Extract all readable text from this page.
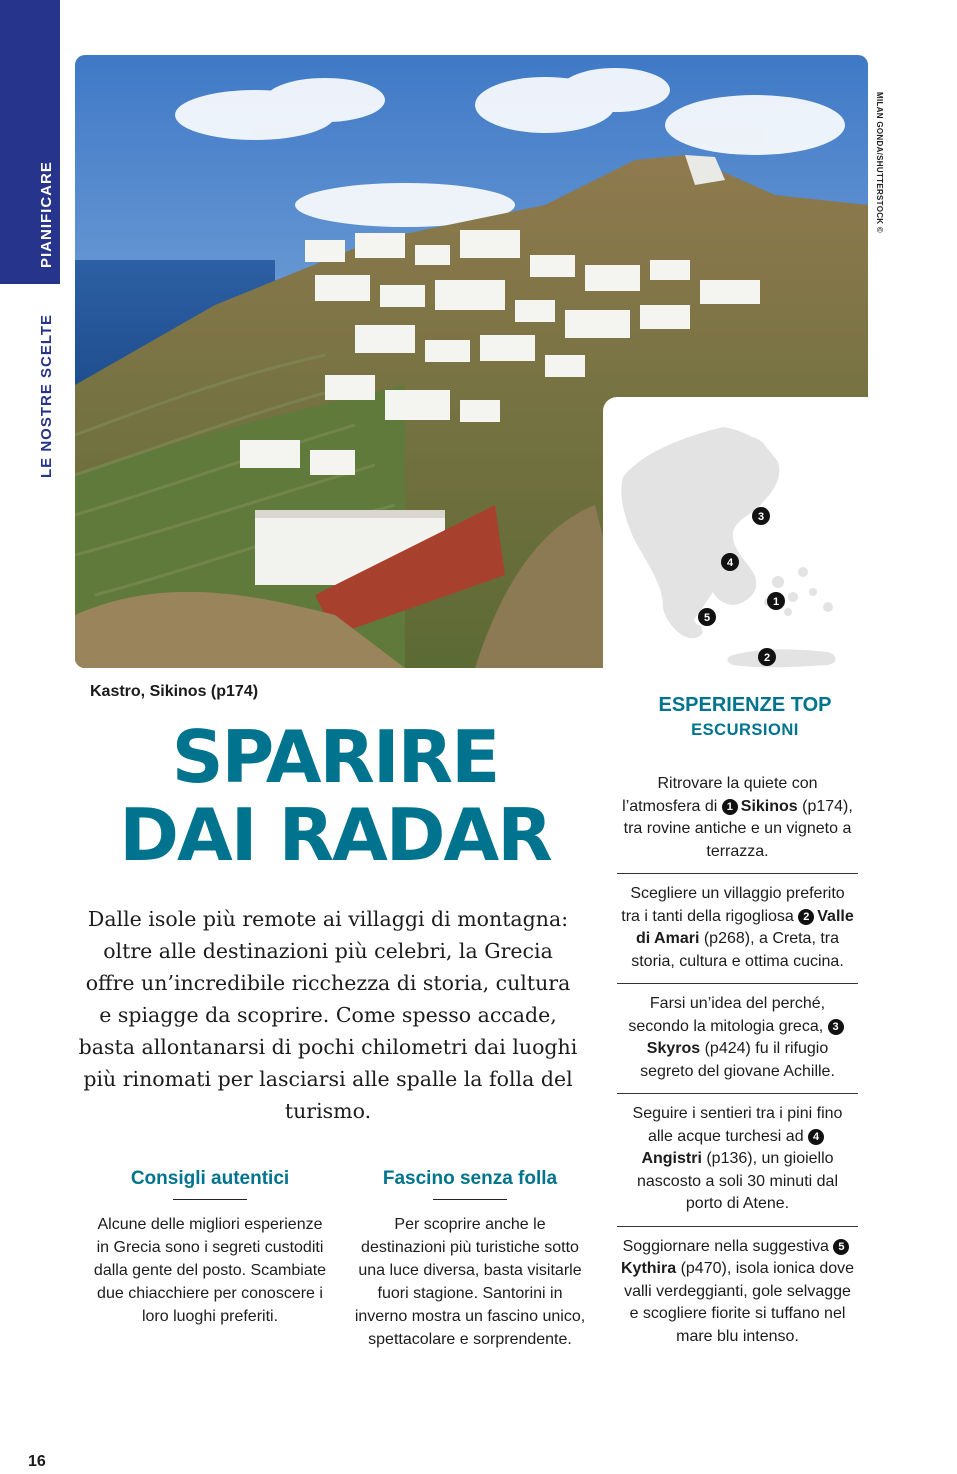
PIANIFICARE
LE NOSTRE SCELTE
MILAN GONDA/SHUTTERSTOCK ©
3
4
1
5
2
Kastro, Sikinos (p174)
SPARIRE
DAI RADAR
Dalle isole più remote ai villaggi di montagna: oltre alle destinazioni più celebri, la Grecia offre un’incredibile ricchezza di storia, cultura e spiagge da scoprire. Come spesso accade, basta allontanarsi di pochi chilometri dai luoghi più rinomati per lasciarsi alle spalle la folla del turismo.
Consigli autentici

Alcune delle migliori esperienze in Grecia sono i segreti custoditi dalla gente del posto. Scambiate due chiacchiere per conoscere i loro luoghi preferiti.

Fascino senza folla

Per scoprire anche le destinazioni più turistiche sotto una luce diversa, basta visitarle fuori stagione. Santorini in inverno mostra un fascino unico, spettacolare e sorprendente.

ESPERIENZE TOP
ESCURSIONI
Ritrovare la quiete con l’atmosfera di 1 Sikinos (p174), tra rovine antiche e un vigneto a terrazza.
Scegliere un villaggio preferito tra i tanti della rigogliosa 2 Valle di Amari (p268), a Creta, tra storia, cultura e ottima cucina.
Farsi un’idea del perché, secondo la mitologia greca, 3Skyros (p424) fu il rifugio segreto del giovane Achille.
Seguire i sentieri tra i pini fino alle acque turchesi ad 4Angistri (p136), un gioiello nascosto a soli 30 minuti dal porto di Atene.
Soggiornare nella suggestiva 5Kythira (p470), isola ionica dove valli verdeggianti, gole selvagge e scogliere fiorite si tuffano nel mare blu intenso.
16
